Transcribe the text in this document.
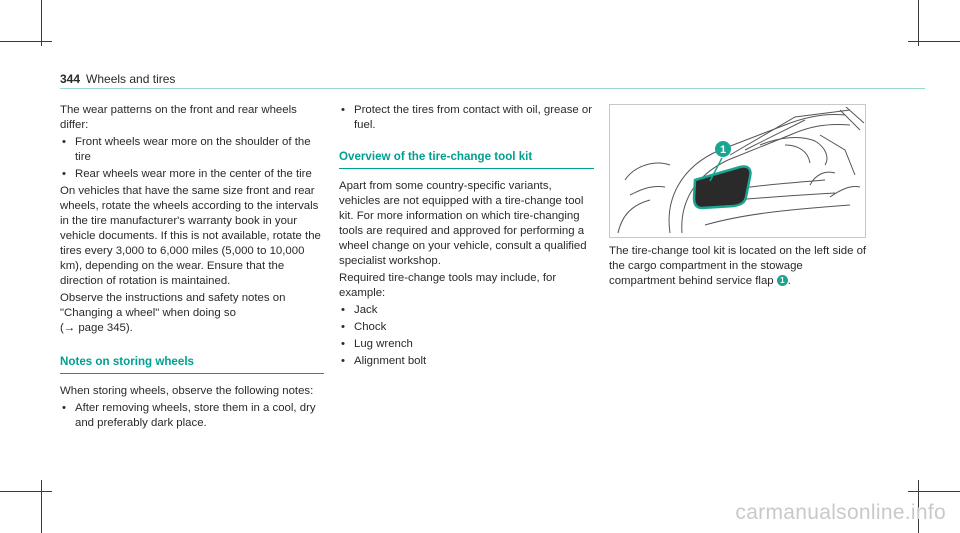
344 Wheels and tires

The wear patterns on the front and rear wheels differ:

• Front wheels wear more on the shoulder of the tire
• Rear wheels wear more in the center of the tire

On vehicles that have the same size front and rear wheels, rotate the wheels according to the intervals in the tire manufacturer's warranty book in your vehicle documents. If this is not available, rotate the tires every 3,000 to 6,000 miles (5,000 to 10,000 km), depending on the wear. Ensure that the direction of rotation is maintained.

Observe the instructions and safety notes on "Changing a wheel" when doing so
(→ page 345).

Notes on storing wheels

When storing wheels, observe the following notes:

• After removing wheels, store them in a cool, dry and preferably dark place.
• Protect the tires from contact with oil, grease or fuel.
Overview of the tire-change tool kit

Apart from some country-specific variants, vehicles are not equipped with a tire-change tool kit. For more information on which tire-changing tools are required and approved for performing a wheel change on your vehicle, consult a qualified specialist workshop.

Required tire-change tools may include, for example:

• Jack
• Chock
• Lug wrench
• Alignment bolt
1

The tire-change tool kit is located on the left side of the cargo compartment in the stowage compartment behind service flap 1 .

carmanualsonline.info
